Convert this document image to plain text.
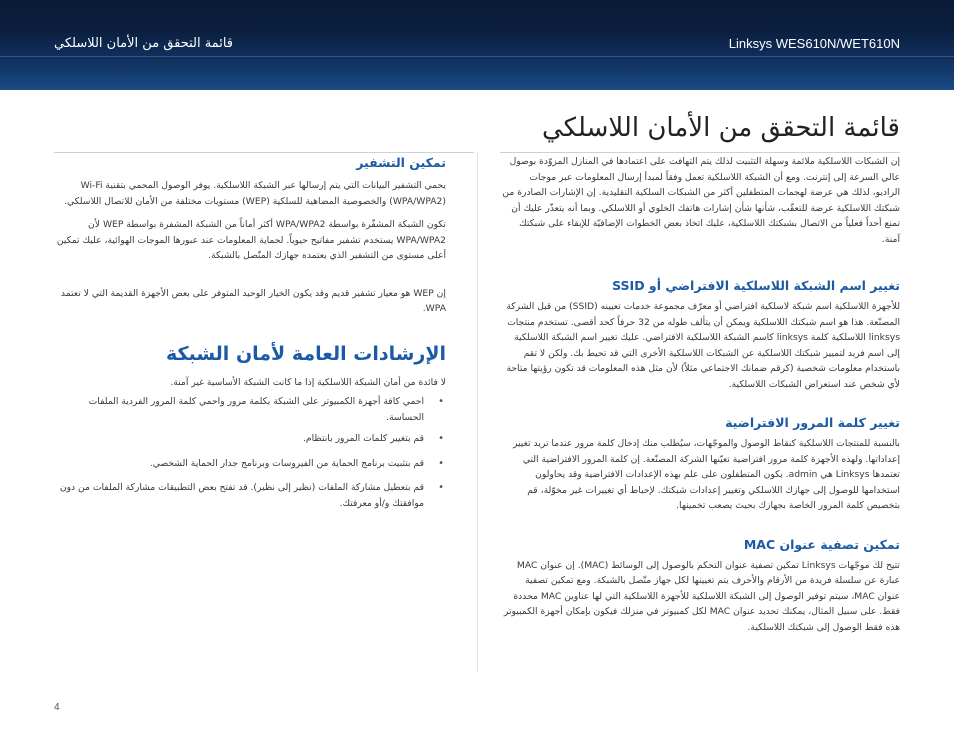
قائمة التحقق من الأمان اللاسلكي	Linksys WES610N/WET610N
قائمة التحقق من الأمان اللاسلكي

إن الشبكات اللاسلكية ملائمة وسهلة التثبيت لذلك يتم التهافت على اعتمادها في المنازل المزوّدة بوصول عالي السرعة إلى إنترنت. ومع أن الشبكة اللاسلكية تعمل وفقاً لمبدأ إرسال المعلومات عبر موجات الراديو، لذلك هي عرضة لهجمات المتطفلين أكثر من الشبكات السلكية التقليدية. إن الإشارات الصادرة من شبكتك اللاسلكية عرضة للتعقّب، شأنها شأن إشارات هاتفك الخلوي أو اللاسلكي. وبما أنه يتعذّر عليك أن تمنع أحداً فعلياً من الاتصال بشبكتك اللاسلكية، عليك اتخاذ بعض الخطوات الإضافيّة للإبقاء على شبكتك آمنة.

تغيير اسم الشبكة اللاسلكية الافتراضي أو SSID

للأجهزة اللاسلكية اسم شبكة لاسلكية افتراضي أو معرّف مجموعة خدمات تعيينه (SSID) من قبل الشركة المصنّعة. هذا هو اسم شبكتك اللاسلكية ويمكن أن يتألف طوله من 32 حرفاً كحد أقصى. تستخدم منتجات linksys اللاسلكية كلمة linksys كاسم الشبكة اللاسلكية الافتراضي. عليك تغيير اسم الشبكة اللاسلكية إلى اسم فريد لتمييز شبكتك اللاسلكية عن الشبكات اللاسلكية الأخرى التي قد تحيط بك. ولكن لا تقم باستخدام معلومات شخصية (كرقم ضمانك الاجتماعي مثلاً) لأن مثل هذه المعلومات قد تكون رؤيتها متاحة لأي شخص عند استعراض الشبكات اللاسلكية.

تغيير كلمة المرور الافتراضية

بالنسبة للمنتجات اللاسلكية كنقاط الوصول والموجّهات، سيُطلب منك إدخال كلمة مرور عندما تريد تغيير إعداداتها. ولهذه الأجهزة كلمة مرور افتراضية تعيّنها الشركة المصنّعة. إن كلمة المرور الافتراضية التي تعتمدها Linksys هي admin. يكون المتطفلون على علم بهذه الإعدادات الافتراضية وقد يحاولون استخدامها للوصول إلى جهازك اللاسلكي وتغيير إعدادات شبكتك. لإحباط أي تغييرات غير مخوّلة، قم بتخصيص كلمة المرور الخاصة بجهازك بحيث يصعب تخمينها.

تمكين تصفية عنوان MAC

تتيح لك موجّهات Linksys تمكين تصفية عنوان التحكم بالوصول إلى الوسائط (MAC). إن عنوان MAC عبارة عن سلسلة فريدة من الأرقام والأحرف يتم تعيينها لكل جهاز متّصل بالشبكة. ومع تمكين تصفية عنوان MAC، سيتم توفير الوصول إلى الشبكة اللاسلكية للأجهزة اللاسلكية التي لها عناوين MAC محددة فقط. على سبيل المثال، يمكنك تحديد عنوان MAC لكل كمبيوتر في منزلك فيكون بإمكان أجهزة الكمبيوتر هذه فقط الوصول إلى شبكتك اللاسلكية.

تمكين التشفير

يحمي التشفير البيانات التي يتم إرسالها عبر الشبكة اللاسلكية. يوفر الوصول المحمي بتقنية Wi-Fi ‏(WPA/WPA2) والخصوصية المضاهية للسلكية (WEP) مستويات مختلفة من الأمان للاتصال اللاسلكي.

تكون الشبكة المشفّرة بواسطة WPA/WPA2 أكثر أماناً من الشبكة المشفرة بواسطة WEP لأن WPA/WPA2 يستخدم تشفير مفاتيح حيوياً. لحماية المعلومات عند عبورها الموجات الهوائية، عليك تمكين أعلى مستوى من التشفير الذي يعتمده جهازك المتّصل بالشبكة.

إن WEP هو معيار تشفير قديم وقد يكون الخيار الوحيد المتوفر على بعض الأجهزة القديمة التي لا تعتمد WPA.

الإرشادات العامة لأمان الشبكة

لا فائدة من أمان الشبكة اللاسلكية إذا ما كانت الشبكة الأساسية غير آمنة.

•
احمي كافة أجهزة الكمبيوتر على الشبكة بكلمة مرور واحمي كلمة المرور الفردية الملفات الحساسة.
•
قم بتغيير كلمات المرور بانتظام.
•
قم بتثبيت برنامج الحماية من الفيروسات وبرنامج جدار الحماية الشخصي.
•
قم بتعطيل مشاركة الملفات (نظير إلى نظير). قد تفتح بعض التطبيقات مشاركة الملفات من دون موافقتك و/أو معرفتك.
4
